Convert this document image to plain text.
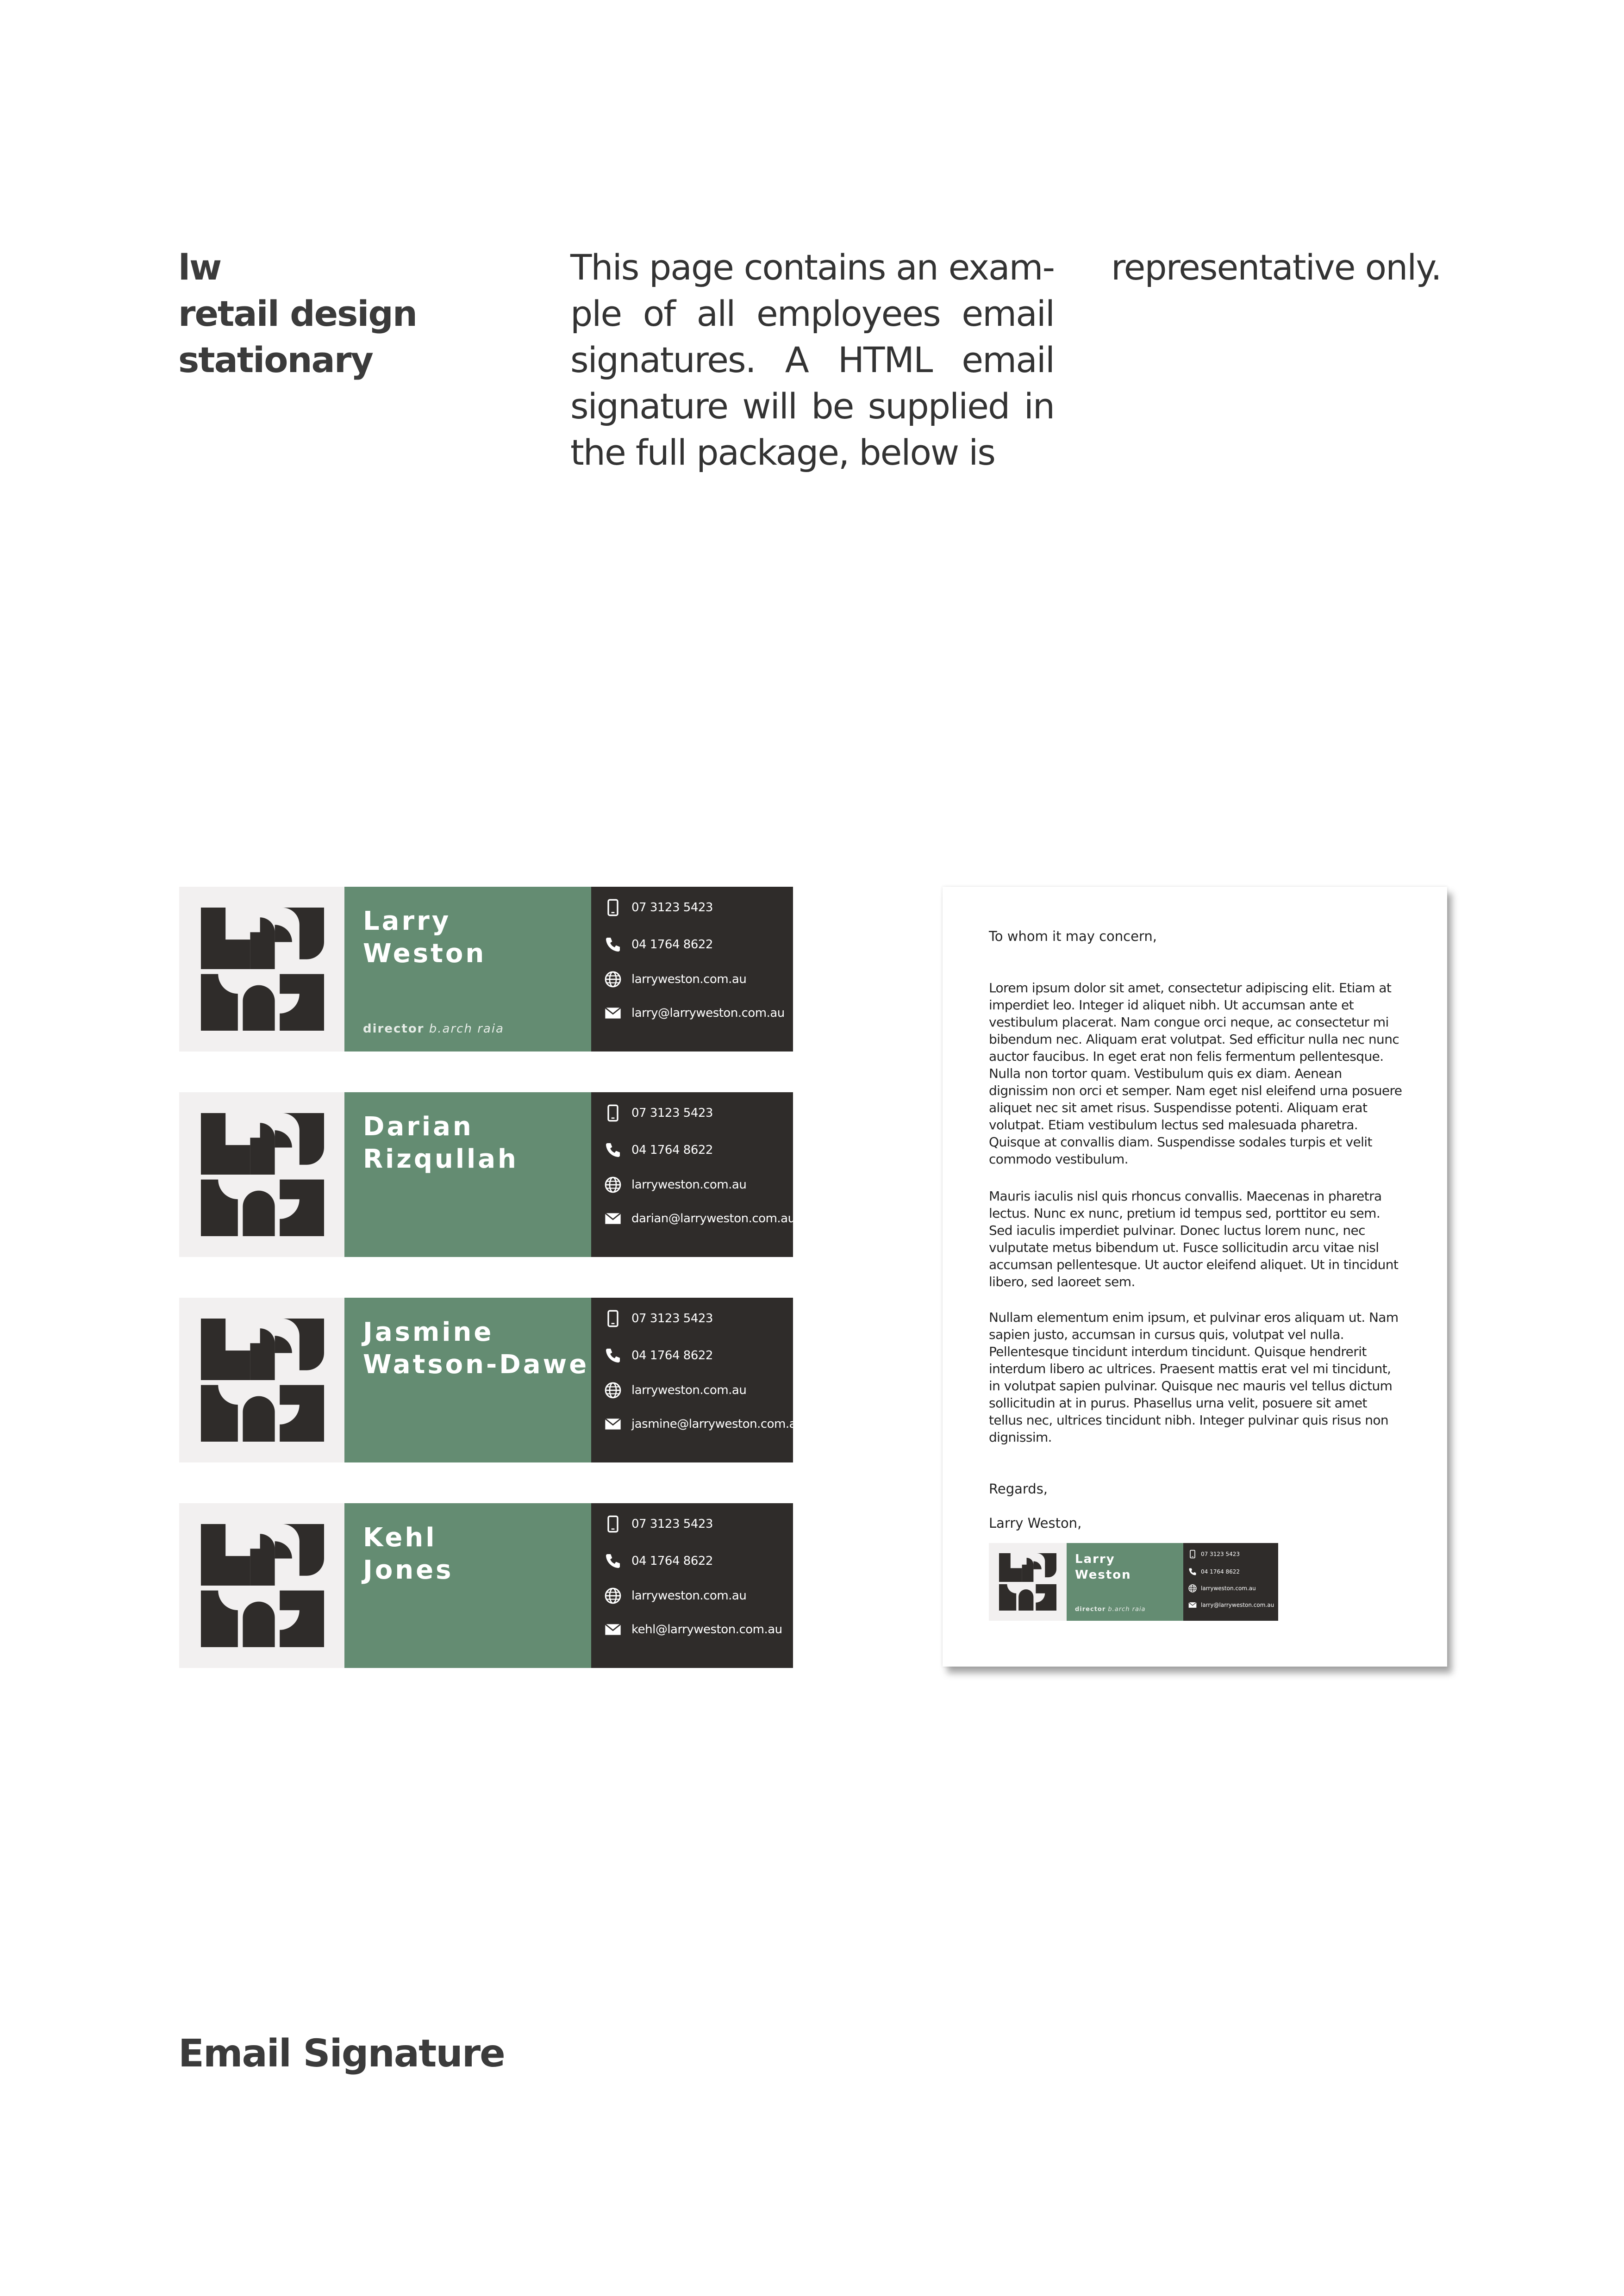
lw
retail design
stationary
This page contains an exam- ple of all employees email signatures. A HTML email signature will be supplied in the full package, below is
representative only.
Larry
Weston
director b.arch raia
07 3123 5423
04 1764 8622
larryweston.com.au
larry@larryweston.com.au
Darian
Rizqullah
07 3123 5423
04 1764 8622
larryweston.com.au
darian@larryweston.com.au
Jasmine
Watson-Dawe
07 3123 5423
04 1764 8622
larryweston.com.au
jasmine@larryweston.com.au
Kehl
Jones
07 3123 5423
04 1764 8622
larryweston.com.au
kehl@larryweston.com.au
To whom it may concern,
Lorem ipsum dolor sit amet, consectetur adipiscing elit. Etiam at imperdiet leo. Integer id aliquet nibh. Ut accumsan ante et vestibulum placerat. Nam congue orci neque, ac consectetur mi bibendum nec. Aliquam erat volutpat. Sed efficitur nulla nec nunc auctor faucibus. In eget erat non felis fermentum pellentesque. Nulla non tortor quam. Vestibulum quis ex diam. Aenean dignissim non orci et semper. Nam eget nisl eleifend urna posuere aliquet nec sit amet risus. Suspendisse potenti. Aliquam erat volutpat. Etiam vestibulum lectus sed malesuada pharetra. Quisque at convallis diam. Suspendisse sodales turpis et velit commodo vestibulum.
Mauris iaculis nisl quis rhoncus convallis. Maecenas in pharetra lectus. Nunc ex nunc, pretium id tempus sed, porttitor eu sem. Sed iaculis imperdiet pulvinar. Donec luctus lorem nunc, nec vulputate metus bibendum ut. Fusce sollicitudin arcu vitae nisl accumsan pellentesque. Ut auctor eleifend aliquet. Ut in tincidunt libero, sed laoreet sem.
Nullam elementum enim ipsum, et pulvinar eros aliquam ut. Nam sapien justo, accumsan in cursus quis, volutpat vel nulla. Pellentesque tincidunt interdum tincidunt. Quisque hendrerit interdum libero ac ultrices. Praesent mattis erat vel mi tincidunt, in volutpat sapien pulvinar. Quisque nec mauris vel tellus dictum sollicitudin at in purus. Phasellus urna velit, posuere sit amet tellus nec, ultrices tincidunt nibh. Integer pulvinar quis risus non dignissim.
Regards,
Larry Weston,
Larry
Weston
director b.arch raia
07 3123 5423
04 1764 8622
larryweston.com.au
larry@larryweston.com.au
Email Signature
